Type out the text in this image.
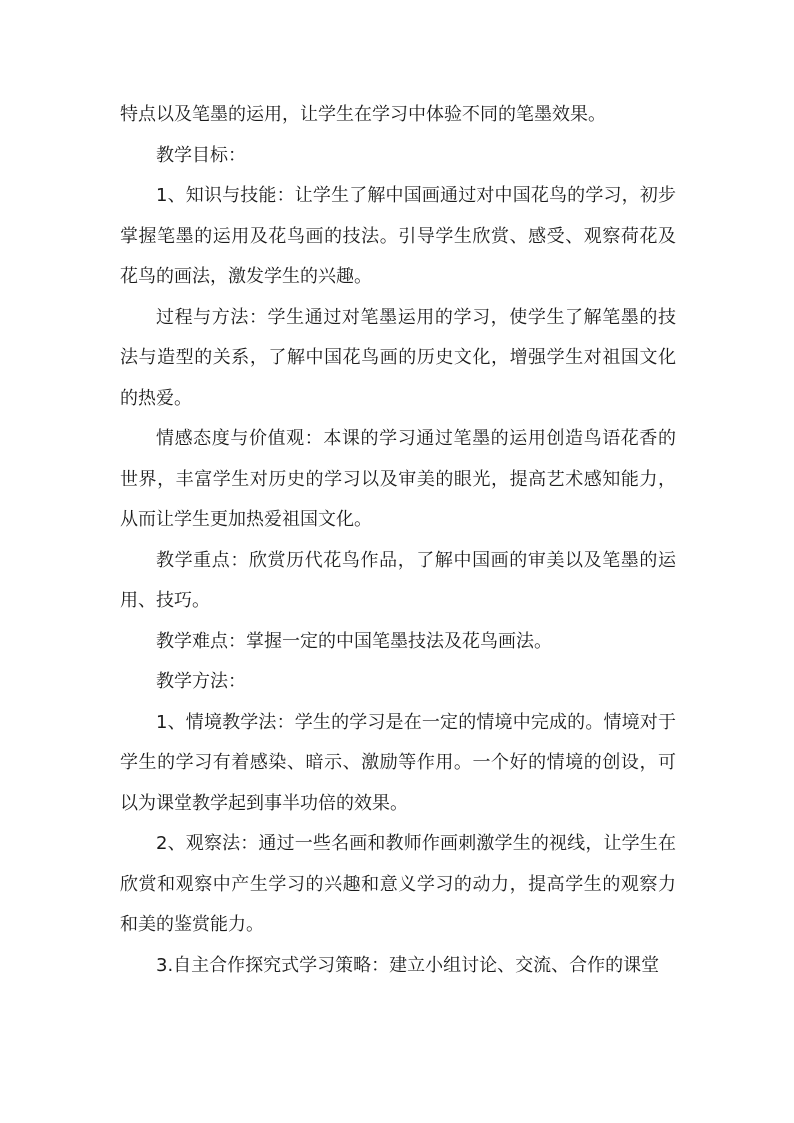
特点以及笔墨的运用，让学生在学习中体验不同的笔墨效果。

教学目标：

1、知识与技能：让学生了解中国画通过对中国花鸟的学习，初步掌握笔墨的运用及花鸟画的技法。引导学生欣赏、感受、观察荷花及花鸟的画法，激发学生的兴趣。

过程与方法：学生通过对笔墨运用的学习，使学生了解笔墨的技法与造型的关系，了解中国花鸟画的历史文化，增强学生对祖国文化的热爱。

情感态度与价值观：本课的学习通过笔墨的运用创造鸟语花香的世界，丰富学生对历史的学习以及审美的眼光，提高艺术感知能力，从而让学生更加热爱祖国文化。

教学重点：欣赏历代花鸟作品，了解中国画的审美以及笔墨的运用、技巧。

教学难点：掌握一定的中国笔墨技法及花鸟画法。

教学方法：

1、情境教学法：学生的学习是在一定的情境中完成的。情境对于学生的学习有着感染、暗示、激励等作用。一个好的情境的创设，可以为课堂教学起到事半功倍的效果。

2、观察法：通过一些名画和教师作画刺激学生的视线，让学生在欣赏和观察中产生学习的兴趣和意义学习的动力，提高学生的观察力和美的鉴赏能力。

3.自主合作探究式学习策略：建立小组讨论、交流、合作的课堂
